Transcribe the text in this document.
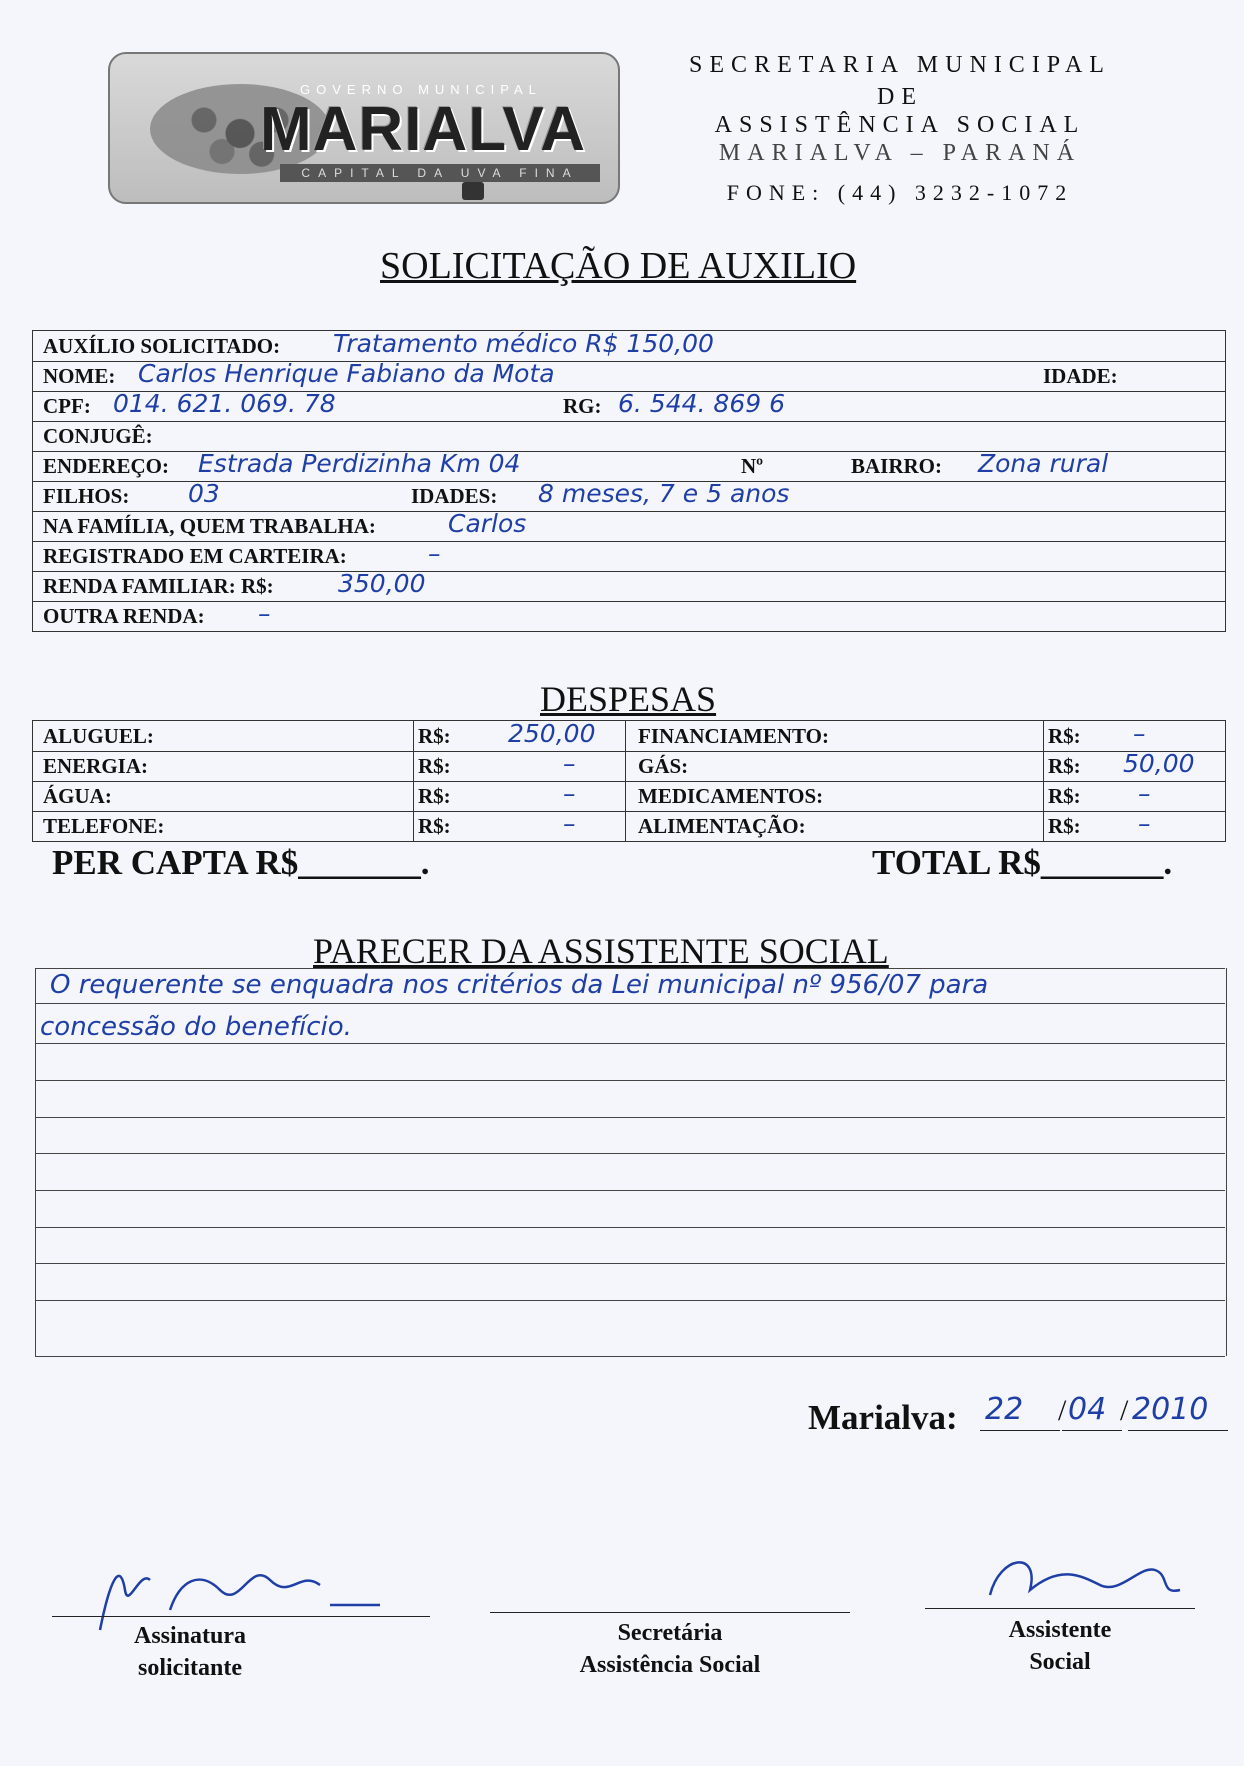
GOVERNO MUNICIPAL
MARIALVA
CAPITAL DA UVA FINA
SECRETARIA MUNICIPAL
DE
ASSISTÊNCIA SOCIAL
MARIALVA – PARANÁ
FONE: (44) 3232-1072
SOLICITAÇÃO DE AUXILIO
AUXÍLIO SOLICITADO: Tratamento médico R$ 150,00
NOME: Carlos Henrique Fabiano da Mota	IDADE:
CPF: 014. 621. 069. 78	RG: 6. 544. 869 6
CONJUGÊ:
ENDEREÇO: Estrada Perdizinha Km 04	Nº	BAIRRO: Zona rural
FILHOS: 03	IDADES: 8 meses, 7 e 5 anos
NA FAMÍLIA, QUEM TRABALHA:	Carlos
REGISTRADO EM CARTEIRA:	–
RENDA FAMILIAR: R$:	350,00
OUTRA RENDA: –
DESPESAS
ALUGUEL:	R$: 250,00 FINANCIAMENTO:	R$: –
ENERGIA:	R$:	–	GÁS:	R$: 50,00
ÁGUA:	R$:	–	MEDICAMENTOS:	R$: –
TELEFONE:	R$:	–	ALIMENTAÇÃO:	R$: –
PER CAPTA R$_______.	TOTAL R$_______.
PARECER DA ASSISTENTE SOCIAL
O requerente se enquadra nos critérios da Lei municipal nº 956/07 para
concessão do benefício.
Marialva: 22 / 04 / 2010
Assinatura
solicitante
Secretária
Assistência Social
Assistente
Social
